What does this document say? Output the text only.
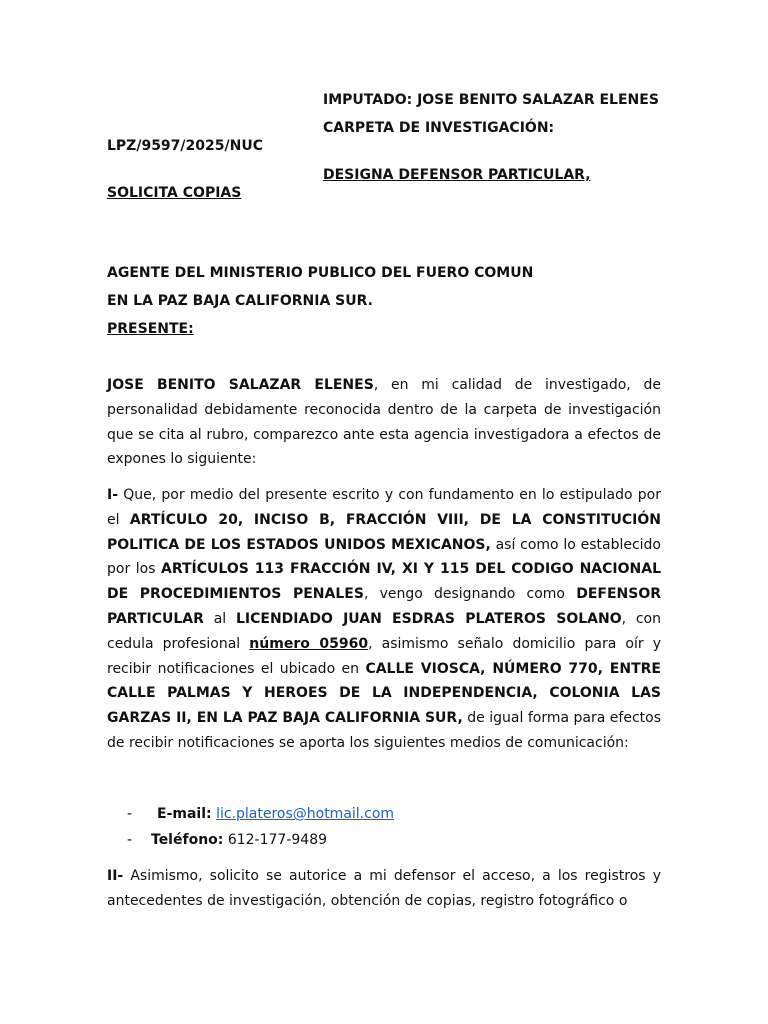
IMPUTADO: JOSE BENITO SALAZAR ELENES
CARPETA DE INVESTIGACIÓN:
LPZ/9597/2025/NUC
DESIGNA DEFENSOR PARTICULAR,
SOLICITA COPIAS
AGENTE DEL MINISTERIO PUBLICO DEL FUERO COMUN
EN LA PAZ BAJA CALIFORNIA SUR.
PRESENTE:
JOSE BENITO SALAZAR ELENES, en mi calidad de investigado, de personalidad debidamente reconocida dentro de la carpeta de investigación que se cita al rubro, comparezco ante esta agencia investigadora a efectos de expones lo siguiente:
I- Que, por medio del presente escrito y con fundamento en lo estipulado por el ARTÍCULO 20, INCISO B, FRACCIÓN VIII, DE LA CONSTITUCIÓN POLITICA DE LOS ESTADOS UNIDOS MEXICANOS, así como lo establecido por los ARTÍCULOS 113 FRACCIÓN IV, XI Y 115 DEL CODIGO NACIONAL DE PROCEDIMIENTOS PENALES, vengo designando como DEFENSOR PARTICULAR al LICENDIADO JUAN ESDRAS PLATEROS SOLANO, con cedula profesional número 05960, asimismo señalo domicilio para oír y recibir notificaciones el ubicado en CALLE VIOSCA, NÚMERO 770, ENTRE CALLE PALMAS Y HEROES DE LA INDEPENDENCIA, COLONIA LAS GARZAS II, EN LA PAZ BAJA CALIFORNIA SUR, de igual forma para efectos de recibir notificaciones se aporta los siguientes medios de comunicación:
- E-mail: lic.plateros@hotmail.com
- Teléfono: 612-177-9489
II- Asimismo, solicito se autorice a mi defensor el acceso, a los registros y antecedentes de investigación, obtención de copias, registro fotográfico o
